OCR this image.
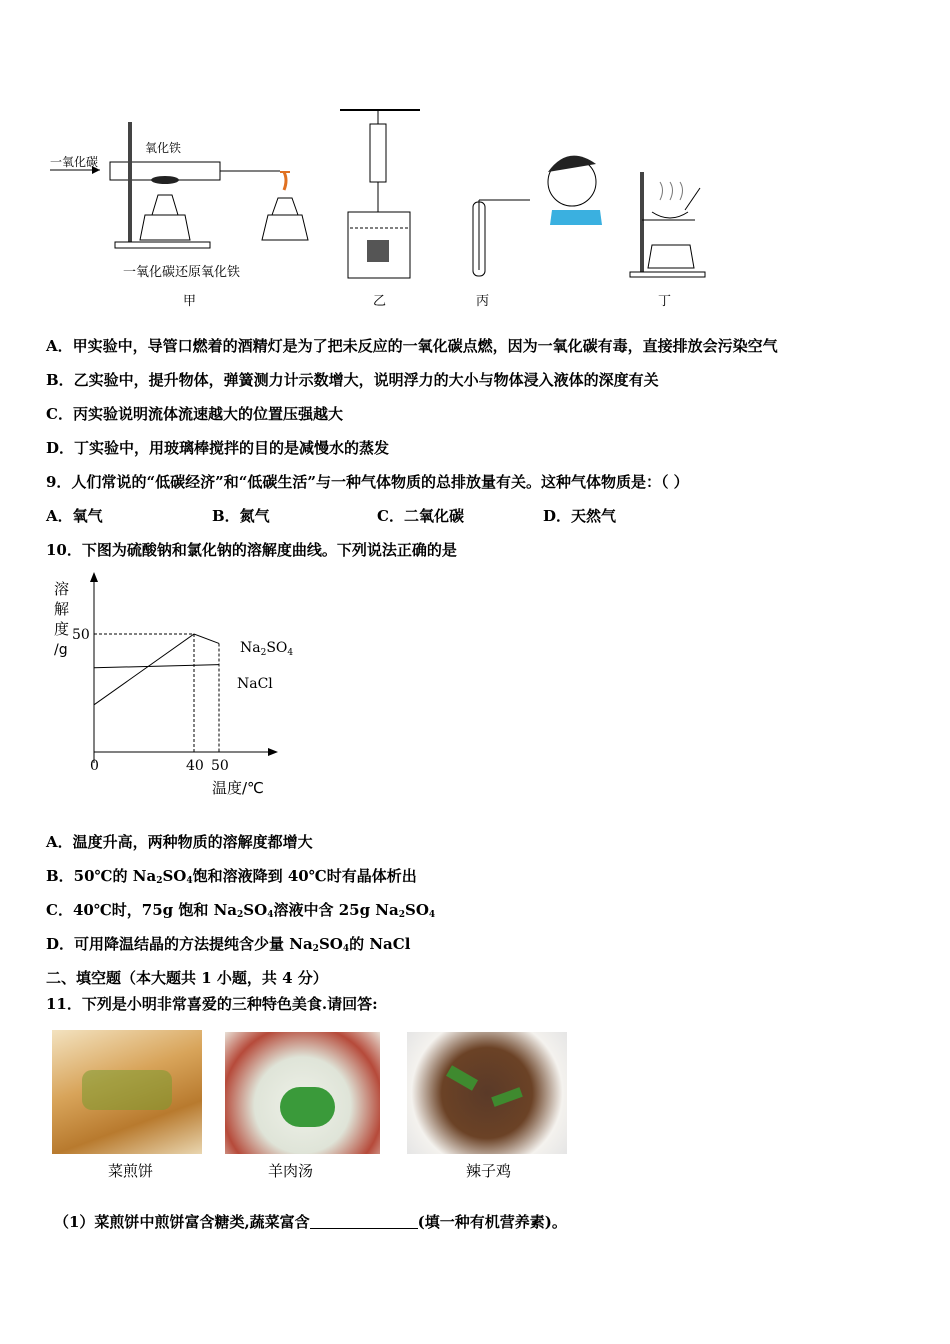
一氧化碳
氧化铁
一氧化碳还原氧化铁
甲	乙	丙	丁
A．甲实验中，导管口燃着的酒精灯是为了把未反应的一氧化碳点燃，因为一氧化碳有毒，直接排放会污染空气
B．乙实验中，提升物体，弹簧测力计示数增大，说明浮力的大小与物体浸入液体的深度有关
C．丙实验说明流体流速越大的位置压强越大
D．丁实验中，用玻璃棒搅拌的目的是减慢水的蒸发
9．人们常说的“低碳经济”和“低碳生活”与一种气体物质的总排放量有关。这种气体物质是：（ ）
A．氧气	B．氮气	C．二氧化碳	D．天然气
10．下图为硫酸钠和氯化钠的溶解度曲线。下列说法正确的是
溶
解
度
/g
50
0	40 50
$Na_2SO_4$
NaCl
温度/℃
A．温度升高，两种物质的溶解度都增大
B．50℃的 $Na_2SO_4$饱和溶液降到 40℃时有晶体析出
C．40℃时，75g 饱和 $Na_2SO_4$溶液中含 25g $Na_2SO_4$
D．可用降温结晶的方法提纯含少量 $Na_2SO_4$的 NaCl
二、填空题（本大题共 1 小题，共 4 分）
11．下列是小明非常喜爱的三种特色美食.请回答:
菜煎饼	羊肉汤	辣子鸡
（1）菜煎饼中煎饼富含糖类,蔬菜富含	(填一种有机营养素)。
